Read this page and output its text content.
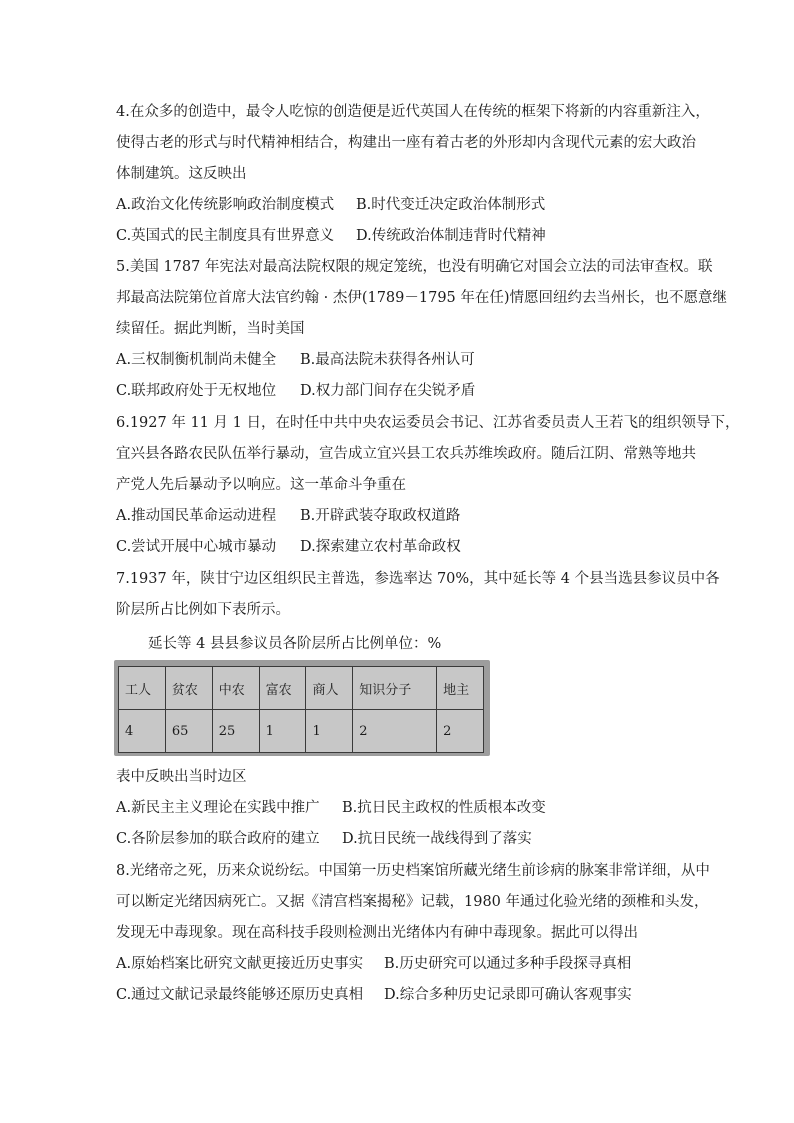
4.在众多的创造中，最令人吃惊的创造便是近代英国人在传统的框架下将新的内容重新注入，
使得古老的形式与时代精神相结合，构建出一座有着古老的外形却内含现代元素的宏大政治
体制建筑。这反映出
A.政治文化传统影响政治制度模式	B.时代变迁决定政治体制形式
C.英国式的民主制度具有世界意义	D.传统政治体制违背时代精神
5.美国 1787 年宪法对最高法院权限的规定笼统，也没有明确它对国会立法的司法审查权。联
邦最高法院第位首席大法官约翰 · 杰伊(1789－1795 年在任)情愿回纽约去当州长，也不愿意继
续留任。据此判断，当时美国
A.三权制衡机制尚未健全	B.最高法院未获得各州认可
C.联邦政府处于无权地位	D.权力部门间存在尖锐矛盾
6.1927 年 11 月 1 日，在时任中共中央农运委员会书记、江苏省委员责人王若飞的组织领导下，
宜兴县各路农民队伍举行暴动，宣告成立宜兴县工农兵苏维埃政府。随后江阴、常熟等地共
产党人先后暴动予以响应。这一革命斗争重在
A.推动国民革命运动进程	B.开辟武装夺取政权道路
C.尝试开展中心城市暴动	D.探索建立农村革命政权
7.1937 年，陕甘宁边区组织民主普选，参选率达 70%，其中延长等 4 个县当选县参议员中各
阶层所占比例如下表所示。
延长等 4 县县参议员各阶层所占比例单位：%
工人	贫农	中农	富农	商人	知识分子	地主
4	65	25	1	1	2	2
表中反映出当时边区
A.新民主主义理论在实践中推广	B.抗日民主政权的性质根本改变
C.各阶层参加的联合政府的建立	D.抗日民统一战线得到了落实
8.光绪帝之死，历来众说纷纭。中国第一历史档案馆所藏光绪生前诊病的脉案非常详细，从中
可以断定光绪因病死亡。又据《清宫档案揭秘》记载，1980 年通过化验光绪的颈椎和头发，
发现无中毒现象。现在高科技手段则检测出光绪体内有砷中毒现象。据此可以得出
A.原始档案比研究文献更接近历史事实	B.历史研究可以通过多种手段探寻真相
C.通过文献记录最终能够还原历史真相	D.综合多种历史记录即可确认客观事实
